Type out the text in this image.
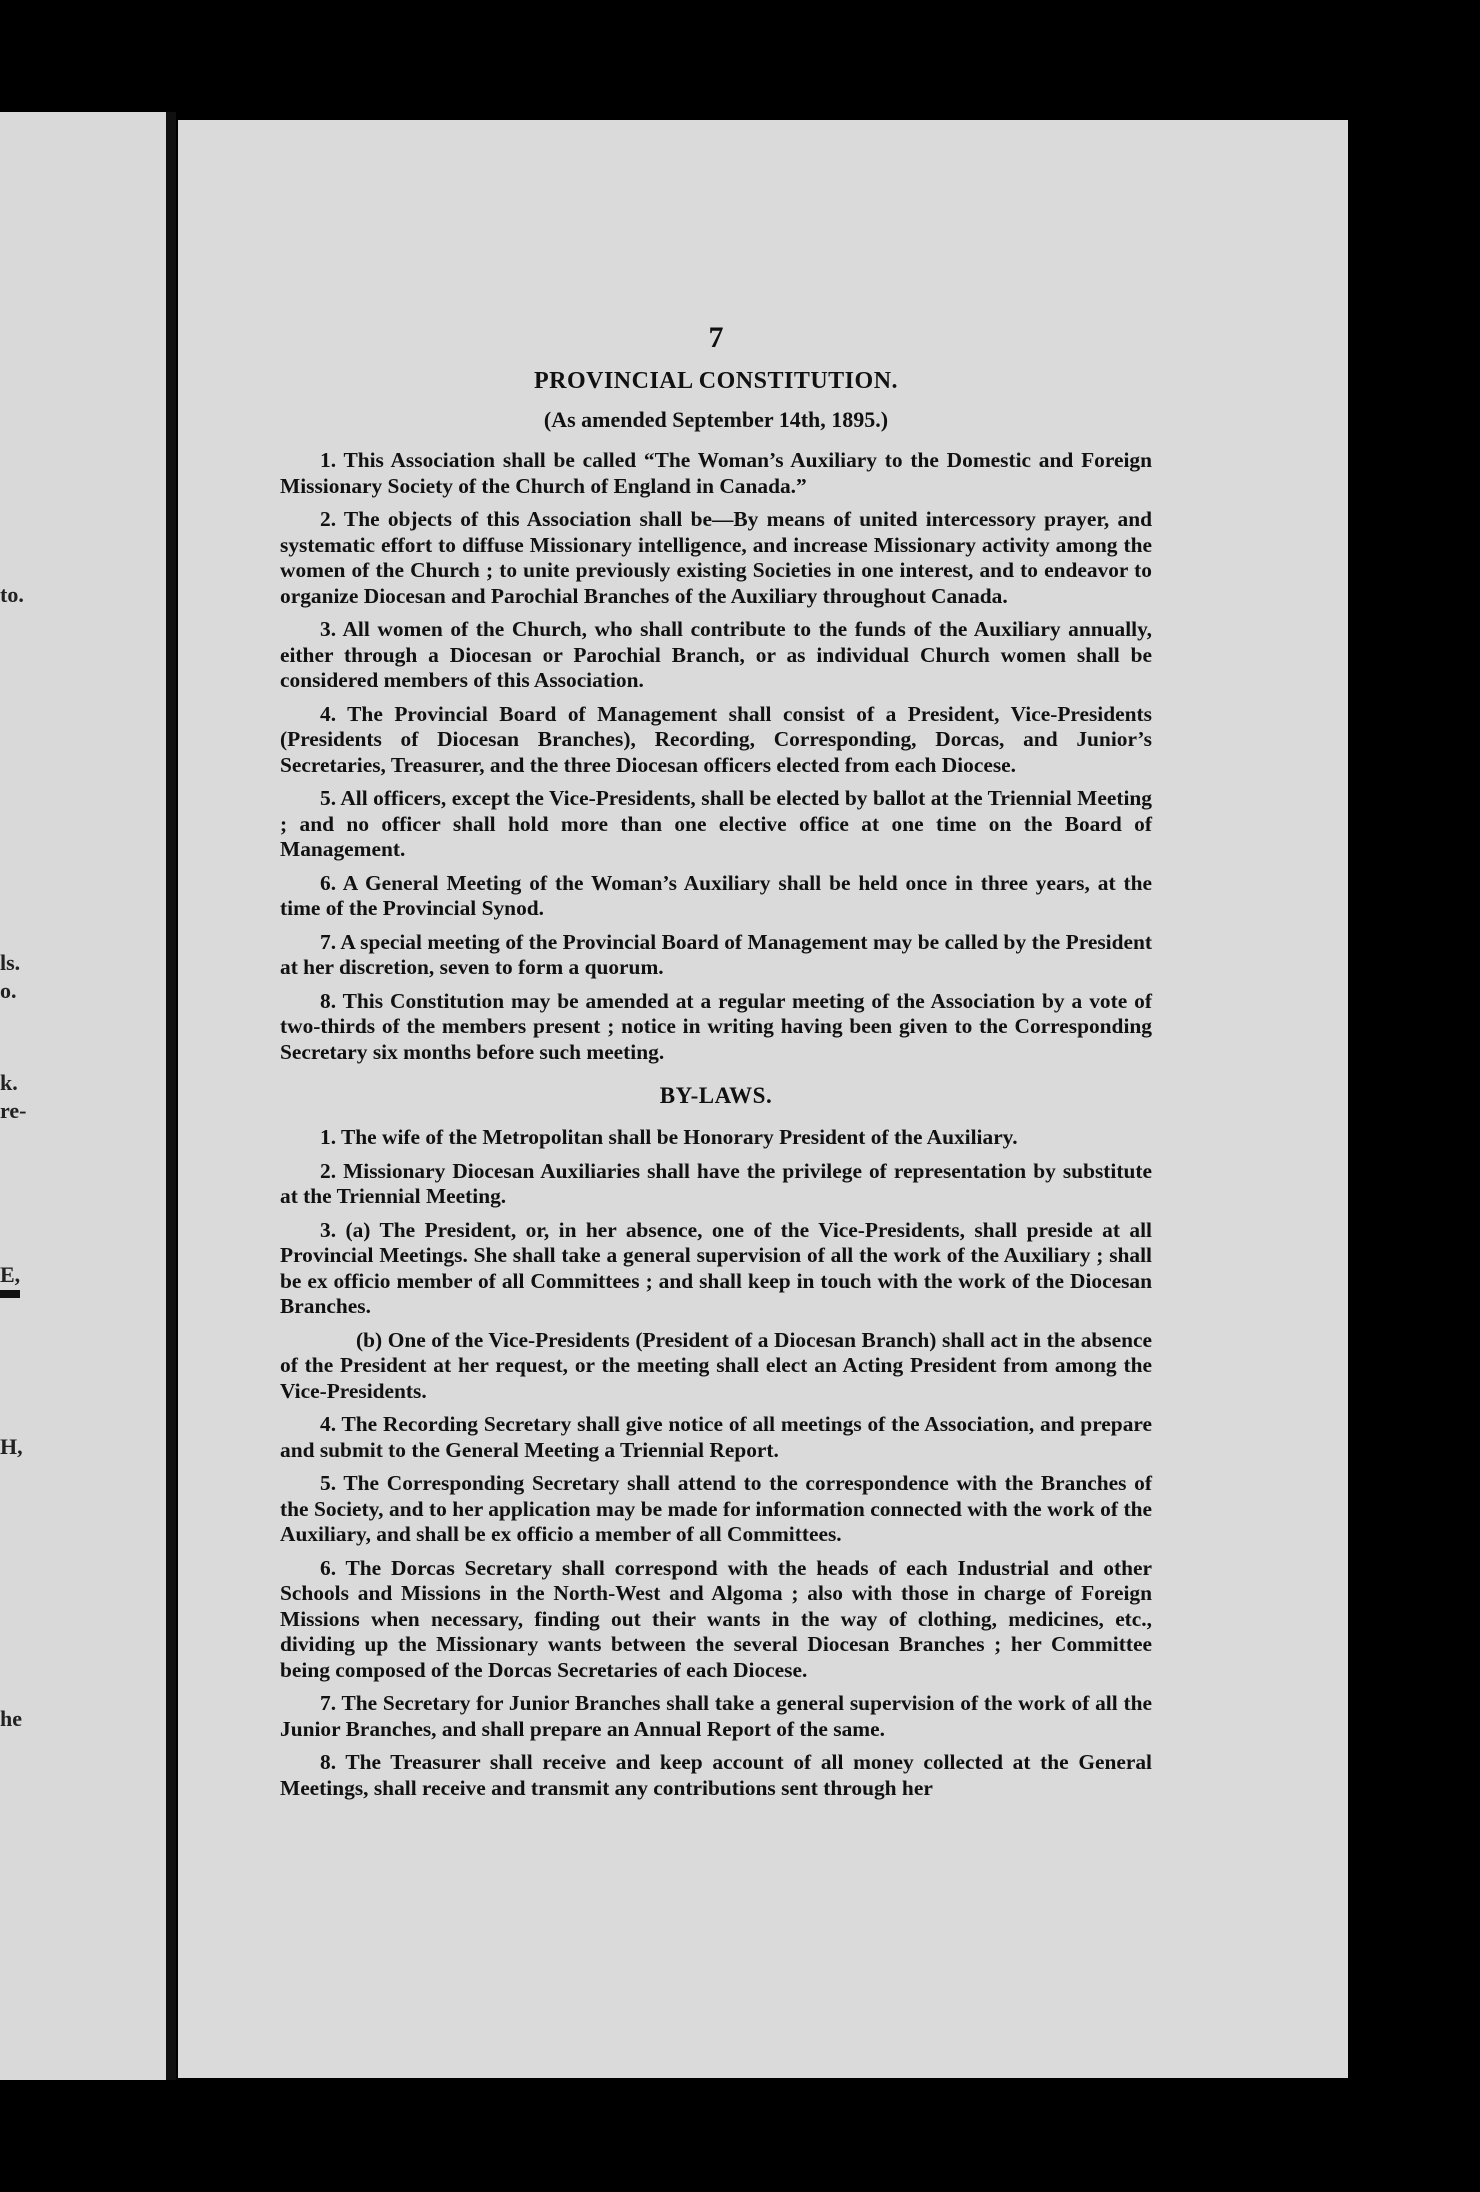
to.
ls.
o.
k.
re-
E,
H,
he
7
PROVINCIAL CONSTITUTION.
(As amended September 14th, 1895.)

1. This Association shall be called “The Woman’s Auxiliary to the Domestic and Foreign Missionary Society of the Church of England in Canada.”

2. The objects of this Association shall be—By means of united intercessory prayer, and systematic effort to diffuse Missionary intelligence, and increase Missionary activity among the women of the Church ; to unite previously existing Societies in one interest, and to endeavor to organize Diocesan and Parochial Branches of the Auxiliary throughout Canada.

3. All women of the Church, who shall contribute to the funds of the Auxiliary annually, either through a Diocesan or Parochial Branch, or as individual Church women shall be considered members of this Association.

4. The Provincial Board of Management shall consist of a President, Vice-Presidents (Presidents of Diocesan Branches), Recording, Corresponding, Dorcas, and Junior’s Secretaries, Treasurer, and the three Diocesan officers elected from each Diocese.

5. All officers, except the Vice-Presidents, shall be elected by ballot at the Triennial Meeting ; and no officer shall hold more than one elective office at one time on the Board of Management.

6. A General Meeting of the Woman’s Auxiliary shall be held once in three years, at the time of the Provincial Synod.

7. A special meeting of the Provincial Board of Management may be called by the President at her discretion, seven to form a quorum.

8. This Constitution may be amended at a regular meeting of the Association by a vote of two-thirds of the members present ; notice in writing having been given to the Corresponding Secretary six months before such meeting.

BY-LAWS.

1. The wife of the Metropolitan shall be Honorary President of the Auxiliary.

2. Missionary Diocesan Auxiliaries shall have the privilege of representation by substitute at the Triennial Meeting.

3. (a) The President, or, in her absence, one of the Vice-Presidents, shall preside at all Provincial Meetings. She shall take a general supervision of all the work of the Auxiliary ; shall be ex officio member of all Committees ; and shall keep in touch with the work of the Diocesan Branches.

(b) One of the Vice-Presidents (President of a Diocesan Branch) shall act in the absence of the President at her request, or the meeting shall elect an Acting President from among the Vice-Presidents.

4. The Recording Secretary shall give notice of all meetings of the Association, and prepare and submit to the General Meeting a Triennial Report.

5. The Corresponding Secretary shall attend to the correspondence with the Branches of the Society, and to her application may be made for information connected with the work of the Auxiliary, and shall be ex officio a member of all Committees.

6. The Dorcas Secretary shall correspond with the heads of each Industrial and other Schools and Missions in the North-West and Algoma ; also with those in charge of Foreign Missions when necessary, finding out their wants in the way of clothing, medicines, etc., dividing up the Missionary wants between the several Diocesan Branches ; her Committee being composed of the Dorcas Secretaries of each Diocese.

7. The Secretary for Junior Branches shall take a general supervision of the work of all the Junior Branches, and shall prepare an Annual Report of the same.

8. The Treasurer shall receive and keep account of all money collected at the General Meetings, shall receive and transmit any contributions sent through her
